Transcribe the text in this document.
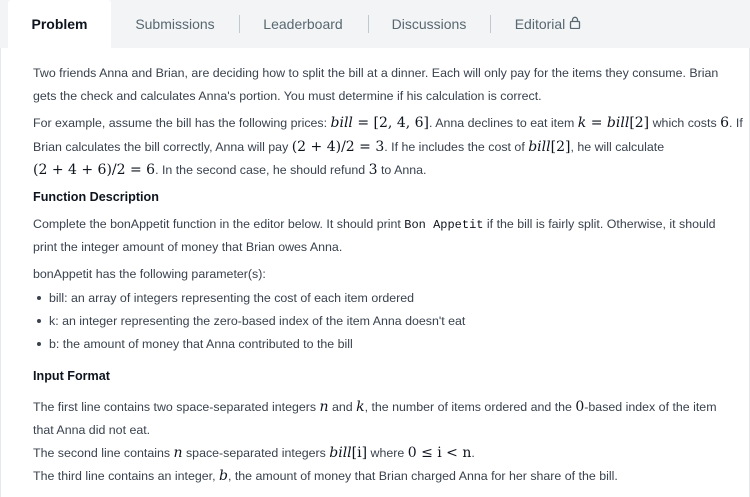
Problem	Submissions	Leaderboard	Discussions	Editorial
Two friends Anna and Brian, are deciding how to split the bill at a dinner. Each will only pay for the items they consume. Brian
gets the check and calculates Anna's portion. You must determine if his calculation is correct.
For example, assume the bill has the following prices: bill = [2, 4, 6]. Anna declines to eat item k = bill[2] which costs 6. If
Brian calculates the bill correctly, Anna will pay (2 + 4)/2 = 3. If he includes the cost of bill[2], he will calculate
(2 + 4 + 6)/2 = 6. In the second case, he should refund 3 to Anna.
Function Description
Complete the bonAppetit function in the editor below. It should print Bon Appetit if the bill is fairly split. Otherwise, it should
print the integer amount of money that Brian owes Anna.
bonAppetit has the following parameter(s):
bill: an array of integers representing the cost of each item ordered
k: an integer representing the zero-based index of the item Anna doesn't eat
b: the amount of money that Anna contributed to the bill
Input Format
The first line contains two space-separated integers n and k, the number of items ordered and the 0-based index of the item
that Anna did not eat.
The second line contains n space-separated integers bill[i] where 0 ≤ i < n.
The third line contains an integer, b, the amount of money that Brian charged Anna for her share of the bill.
